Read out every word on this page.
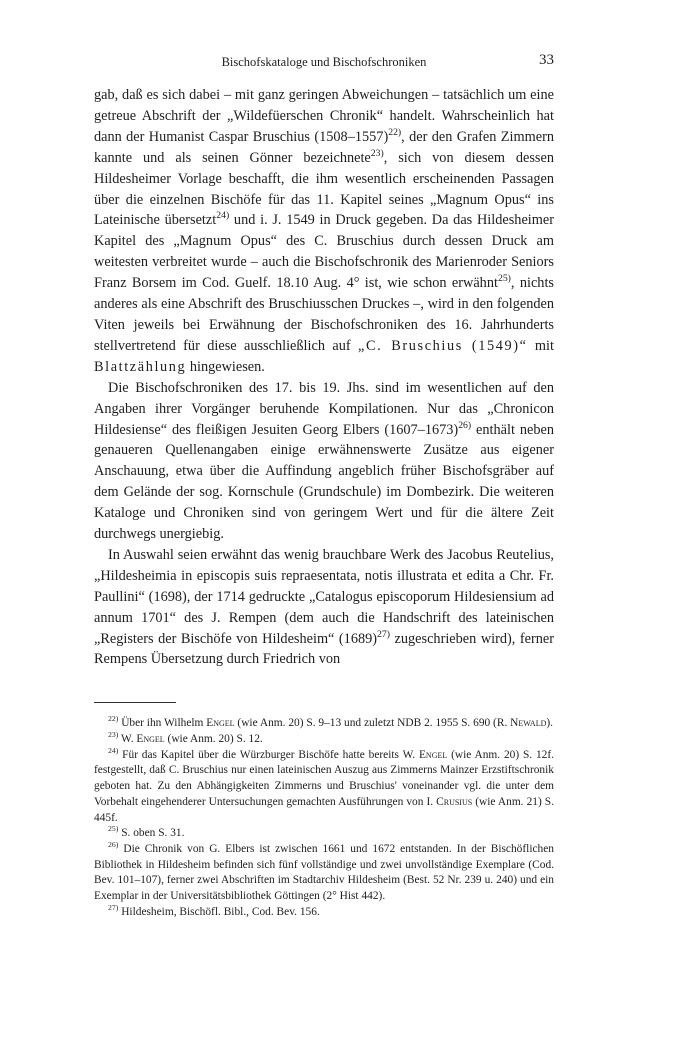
Bischofskataloge und Bischofschroniken	33

gab, daß es sich dabei – mit ganz geringen Abweichungen – tatsächlich um eine getreue Abschrift der „Wildefüerschen Chronik“ handelt. Wahrscheinlich hat dann der Humanist Caspar Bruschius (1508–1557)$^{22)}$, der den Grafen Zimmern kannte und als seinen Gönner bezeichnete$^{23)}$, sich von diesem dessen Hildesheimer Vorlage beschafft, die ihm wesentlich erscheinenden Passagen über die einzelnen Bischöfe für das 11. Kapitel seines „Magnum Opus“ ins Lateinische übersetzt$^{24)}$ und i. J. 1549 in Druck gegeben. Da das Hildesheimer Kapitel des „Magnum Opus“ des C. Bruschius durch dessen Druck am weitesten verbreitet wurde – auch die Bischofschronik des Marienroder Seniors Franz Borsem im Cod. Guelf. 18.10 Aug. 4° ist, wie schon erwähnt$^{25)}$, nichts anderes als eine Abschrift des Bruschiusschen Druckes –, wird in den folgenden Viten jeweils bei Erwähnung der Bischofschroniken des 16. Jahrhunderts stellvertretend für diese ausschließlich auf „C. Bruschius (1549)“ mit Blattzählung hingewiesen.

Die Bischofschroniken des 17. bis 19. Jhs. sind im wesentlichen auf den Angaben ihrer Vorgänger beruhende Kompilationen. Nur das „Chronicon Hildesiense“ des fleißigen Jesuiten Georg Elbers (1607–1673)$^{26)}$ enthält neben genaueren Quellenangaben einige erwähnenswerte Zusätze aus eigener Anschauung, etwa über die Auffindung angeblich früher Bischofsgräber auf dem Gelände der sog. Kornschule (Grundschule) im Dombezirk. Die weiteren Kataloge und Chroniken sind von geringem Wert und für die ältere Zeit durchwegs unergiebig.

In Auswahl seien erwähnt das wenig brauchbare Werk des Jacobus Reutelius, „Hildesheimia in episcopis suis repraesentata, notis illustrata et edita a Chr. Fr. Paullini“ (1698), der 1714 gedruckte „Catalogus episcoporum Hildesiensium ad annum 1701“ des J. Rempen (dem auch die Handschrift des lateinischen „Registers der Bischöfe von Hildesheim“ $(1689)^{27)}$ zugeschrieben wird), ferner Rempens Übersetzung durch Friedrich von

$^{22)}$ Über ihn Wilhelm Engel (wie Anm. 20) S. 9–13 und zuletzt NDB 2. 1955 S. 690 (R. Newald).

$^{23)}$ W. Engel (wie Anm. 20) S. 12.

$^{24)}$ Für das Kapitel über die Würzburger Bischöfe hatte bereits W. Engel (wie Anm. 20) S. 12f. festgestellt, daß C. Bruschius nur einen lateinischen Auszug aus Zimmerns Mainzer Erzstiftschronik geboten hat. Zu den Abhängigkeiten Zimmerns und Bruschius' voneinander vgl. die unter dem Vorbehalt eingehenderer Untersuchungen gemachten Ausführungen von I. Crusius (wie Anm. 21) S. 445f.

$^{25)}$ S. oben S. 31.

$^{26)}$ Die Chronik von G. Elbers ist zwischen 1661 und 1672 entstanden. In der Bischöflichen Bibliothek in Hildesheim befinden sich fünf vollständige und zwei unvollständige Exemplare (Cod. Bev. 101–107), ferner zwei Abschriften im Stadtarchiv Hildesheim (Best. 52 Nr. 239 u. 240) und ein Exemplar in der Universitätsbibliothek Göttingen (2° Hist 442).

$^{27)}$ Hildesheim, Bischöfl. Bibl., Cod. Bev. 156.
